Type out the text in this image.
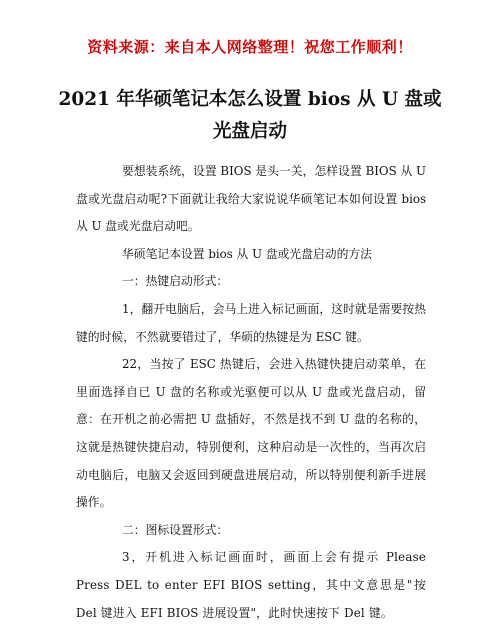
资料来源：来自本人网络整理！祝您工作顺利！
2021 年华硕笔记本怎么设置 bios 从 U 盘或
光盘启动

要想装系统，设置 BIOS 是头一关，怎样设置 BIOS 从 U 盘或光盘启动呢?下面就让我给大家说说华硕笔记本如何设置 bios 从 U 盘或光盘启动吧。

华硕笔记本设置 bios 从 U 盘或光盘启动的方法

一：热键启动形式：

1，翻开电脑后，会马上进入标记画面，这时就是需要按热键的时候，不然就要错过了，华硕的热键是为 ESC 键。

22，当按了 ESC 热键后，会进入热键快捷启动菜单，在里面选择自已 U 盘的名称或光驱便可以从 U 盘或光盘启动，留意：在开机之前必需把 U 盘插好，不然是找不到 U 盘的名称的，这就是热键快捷启动，特别便利，这种启动是一次性的，当再次启动电脑后，电脑又会返回到硬盘进展启动，所以特别便利新手进展操作。

二：图标设置形式：

3，开机进入标记画面时，画面上会有提示 Please Press DEL to enter EFI BIOS setting，其中文意思是"按 Del 键进入 EFI BIOS 进展设置"，此时快速按下 Del 键。
